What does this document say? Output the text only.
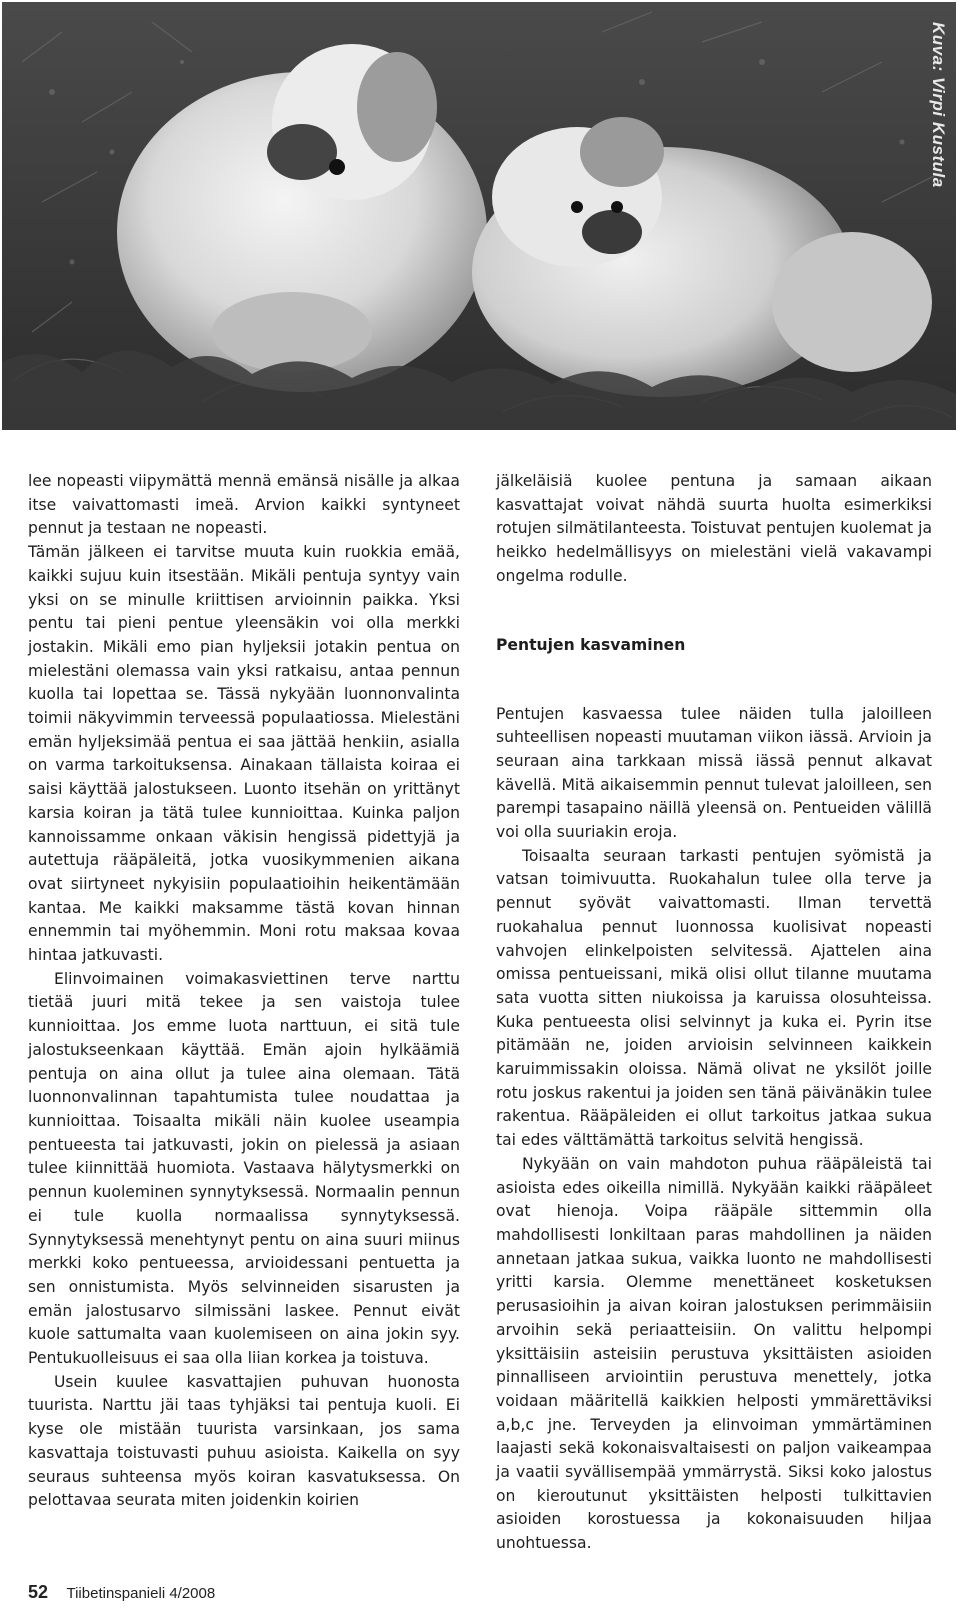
Kuva: Virpi Kustula

lee nopeasti viipymättä mennä emänsä nisälle ja alkaa itse vaivattomasti imeä. Arvion kaikki syntyneet pennut ja testaan ne nopeasti.

Tämän jälkeen ei tarvitse muuta kuin ruokkia emää, kaikki sujuu kuin itsestään. Mikäli pentuja syntyy vain yksi on se minulle kriittisen arvioinnin paikka. Yksi pentu tai pieni pentue yleensäkin voi olla merkki jostakin. Mikäli emo pian hyljeksii jotakin pentua on mielestäni olemassa vain yksi ratkaisu, antaa pennun kuolla tai lopettaa se. Tässä nykyään luonnonvalinta toimii näkyvimmin terveessä populaatiossa. Mielestäni emän hyljeksimää pentua ei saa jättää henkiin, asialla on varma tarkoituksensa. Ainakaan tällaista koiraa ei saisi käyttää jalostukseen. Luonto itsehän on yrittänyt karsia koiran ja tätä tulee kunnioittaa. Kuinka paljon kannoissamme onkaan väkisin hengissä pidettyjä ja autettuja rääpäleitä, jotka vuosikymmenien aikana ovat siirtyneet nykyisiin populaatioihin heikentämään kantaa. Me kaikki maksamme tästä kovan hinnan ennemmin tai myöhemmin. Moni rotu maksaa kovaa hintaa jatkuvasti.

Elinvoimainen voimakasviettinen terve narttu tietää juuri mitä tekee ja sen vaistoja tulee kunnioittaa. Jos emme luota narttuun, ei sitä tule jalostukseenkaan käyttää. Emän ajoin hylkäämiä pentuja on aina ollut ja tulee aina olemaan. Tätä luonnonvalinnan tapahtumista tulee noudattaa ja kunnioittaa. Toisaalta mikäli näin kuolee useampia pentueesta tai jatkuvasti, jokin on pielessä ja asiaan tulee kiinnittää huomiota. Vastaava hälytysmerkki on pennun kuoleminen synnytyksessä. Normaalin pennun ei tule kuolla normaalissa synnytyksessä. Synnytyksessä menehtynyt pentu on aina suuri miinus merkki koko pentueessa, arvioidessani pentuetta ja sen onnistumista. Myös selvinneiden sisarusten ja emän jalostusarvo silmissäni laskee. Pennut eivät kuole sattumalta vaan kuolemiseen on aina jokin syy. Pentukuolleisuus ei saa olla liian korkea ja toistuva.

Usein kuulee kasvattajien puhuvan huonosta tuurista. Narttu jäi taas tyhjäksi tai pentuja kuoli. Ei kyse ole mistään tuurista varsinkaan, jos sama kasvattaja toistuvasti puhuu asioista. Kaikella on syy seuraus suhteensa myös koiran kasvatuksessa. On pelottavaa seurata miten joidenkin koirien

jälkeläisiä kuolee pentuna ja samaan aikaan kasvattajat voivat nähdä suurta huolta esimerkiksi rotujen silmätilanteesta. Toistuvat pentujen kuolemat ja heikko hedelmällisyys on mielestäni vielä vakavampi ongelma rodulle.

Pentujen kasvaminen

Pentujen kasvaessa tulee näiden tulla jaloilleen suhteellisen nopeasti muutaman viikon iässä. Arvioin ja seuraan aina tarkkaan missä iässä pennut alkavat kävellä. Mitä aikaisemmin pennut tulevat jaloilleen, sen parempi tasapaino näillä yleensä on. Pentueiden välillä voi olla suuriakin eroja.

Toisaalta seuraan tarkasti pentujen syömistä ja vatsan toimivuutta. Ruokahalun tulee olla terve ja pennut syövät vaivattomasti. Ilman tervettä ruokahalua pennut luonnossa kuolisivat nopeasti vahvojen elinkelpoisten selvitessä. Ajattelen aina omissa pentueissani, mikä olisi ollut tilanne muutama sata vuotta sitten niukoissa ja karuissa olosuhteissa. Kuka pentueesta olisi selvinnyt ja kuka ei. Pyrin itse pitämään ne, joiden arvioisin selvinneen kaikkein karuimmissakin oloissa. Nämä olivat ne yksilöt joille rotu joskus rakentui ja joiden sen tänä päivänäkin tulee rakentua. Rääpäleiden ei ollut tarkoitus jatkaa sukua tai edes välttämättä tarkoitus selvitä hengissä.

Nykyään on vain mahdoton puhua rääpäleistä tai asioista edes oikeilla nimillä. Nykyään kaikki rääpäleet ovat hienoja. Voipa rääpäle sittemmin olla mahdollisesti lonkiltaan paras mahdollinen ja näiden annetaan jatkaa sukua, vaikka luonto ne mahdollisesti yritti karsia. Olemme menettäneet kosketuksen perusasioihin ja aivan koiran jalostuksen perimmäisiin arvoihin sekä periaatteisiin. On valittu helpompi yksittäisiin asteisiin perustuva yksittäisten asioiden pinnalliseen arviointiin perustuva menettely, jotka voidaan määritellä kaikkien helposti ymmärettäviksi a,b,c jne. Terveyden ja elinvoiman ymmärtäminen laajasti sekä kokonaisvaltaisesti on paljon vaikeampaa ja vaatii syvällisempää ymmärrystä. Siksi koko jalostus on kieroutunut yksittäisten helposti tulkittavien asioiden korostuessa ja kokonaisuuden hiljaa unohtuessa.

52 Tiibetinspanieli 4/2008
